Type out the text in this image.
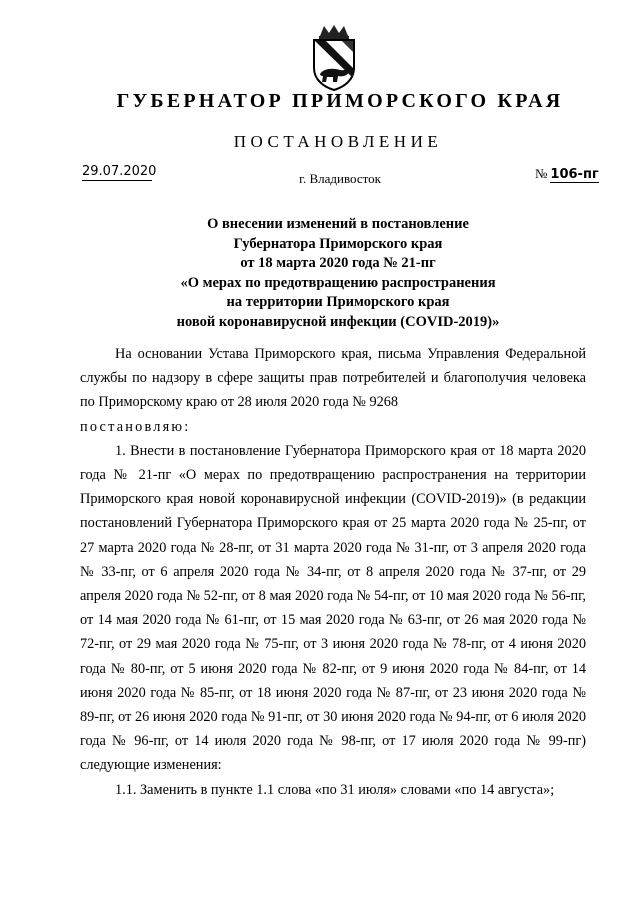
ГУБЕРНАТОР ПРИМОРСКОГО КРАЯ
ПОСТАНОВЛЕНИЕ
29.07.2020	г. Владивосток	№ 106-пг
О внесении изменений в постановление
Губернатора Приморского края
от 18 марта 2020 года № 21-пг
«О мерах по предотвращению распространения
на территории Приморского края
новой коронавирусной инфекции (COVID-2019)»

На основании Устава Приморского края, письма Управления Федеральной службы по надзору в сфере защиты прав потребителей и благополучия человека по Приморскому краю от 28 июля 2020 года № 9268

постановляю:

1. Внести в постановление Губернатора Приморского края от 18 марта 2020 года № 21-пг «О мерах по предотвращению распространения на территории Приморского края новой коронавирусной инфекции (COVID-2019)» (в редакции постановлений Губернатора Приморского края от 25 марта 2020 года № 25-пг, от 27 марта 2020 года № 28-пг, от 31 марта 2020 года № 31-пг, от 3 апреля 2020 года № 33-пг, от 6 апреля 2020 года № 34-пг, от 8 апреля 2020 года № 37-пг, от 29 апреля 2020 года № 52-пг, от 8 мая 2020 года № 54-пг, от 10 мая 2020 года № 56-пг, от 14 мая 2020 года № 61-пг, от 15 мая 2020 года № 63-пг, от 26 мая 2020 года № 72-пг, от 29 мая 2020 года № 75-пг, от 3 июня 2020 года № 78-пг, от 4 июня 2020 года № 80-пг, от 5 июня 2020 года № 82-пг, от 9 июня 2020 года № 84-пг, от 14 июня 2020 года № 85-пг, от 18 июня 2020 года № 87-пг, от 23 июня 2020 года № 89-пг, от 26 июня 2020 года № 91-пг, от 30 июня 2020 года № 94-пг, от 6 июля 2020 года № 96-пг, от 14 июля 2020 года № 98-пг, от 17 июля 2020 года № 99-пг) следующие изменения:

1.1. Заменить в пункте 1.1 слова «по 31 июля» словами «по 14 августа»;
